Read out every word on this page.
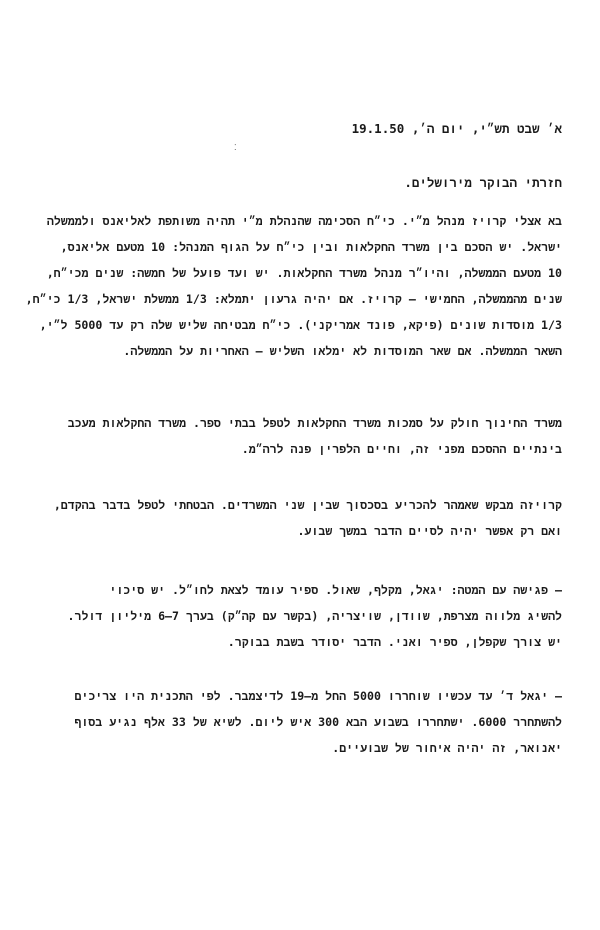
א׳ שבט תש״י, יום ה׳, 19.1.50
⁚
חזרתי הבוקר מירושלים.
בא אצלי קרויז מנהל מ״י. כי״ח הסכימה שהנהלת מ״י תהיה משותפת לאליאנס ולממשלה
ישראל. יש הסכם בין משרד החקלאות ובין כי״ח על הגוף המנהל: 10 מטעם אליאנס,
10 מטעם הממשלה, והיו״ר מנהל משרד החקלאות. יש ועד פועל של חמשה: שנים מכי״ח,
שנים מהממשלה, החמישי – קרויז. אם יהיה גרעון יתמלא: 1/3 ממשלת ישראל, 1/3 כי״ח,
1/3 מוסדות שונים (פיקא, פונד אמריקני). כי״ח מבטיחה שליש שלה רק עד 5000 ל״י,
השאר הממשלה. אם שאר המוסדות לא ימלאו השליש – האחריות על הממשלה.
משרד החינוך חולק על סמכות משרד החקלאות לטפל בבתי ספר. משרד החקלאות מעכב
בינתיים ההסכם מפני זה, וחיים הלפרין פנה לרה״מ.
קרויזה מבקש שאמהר להכריע בסכסוך שבין שני המשרדים. הבטחתי לטפל בדבר בהקדם,
ואם רק אפשר יהיה לסיים הדבר במשך שבוע.
– פגישה עם המטה: יגאל, מקלף, שאול. ספיר עומד לצאת לחו״ל. יש סיכוי
להשיג מלווה מצרפת, שוודן, שויצריה, (בקשר עם קה״ק) בערך 7–6 מיליון דולר.
יש צורך שקפלן, ספיר ואני. הדבר יסודר בשבת בבוקר.
– יגאל ד׳ עד עכשיו שוחררו 5000 החל מ–19 לדיצמבר. לפי התכנית היו צריכים
להשתחרר 6000. ישתחררו בשבוע הבא 300 איש ליום. לשיא של 33 אלף נגיע בסוף
יאנואר, זה יהיה איחור של שבועיים.
